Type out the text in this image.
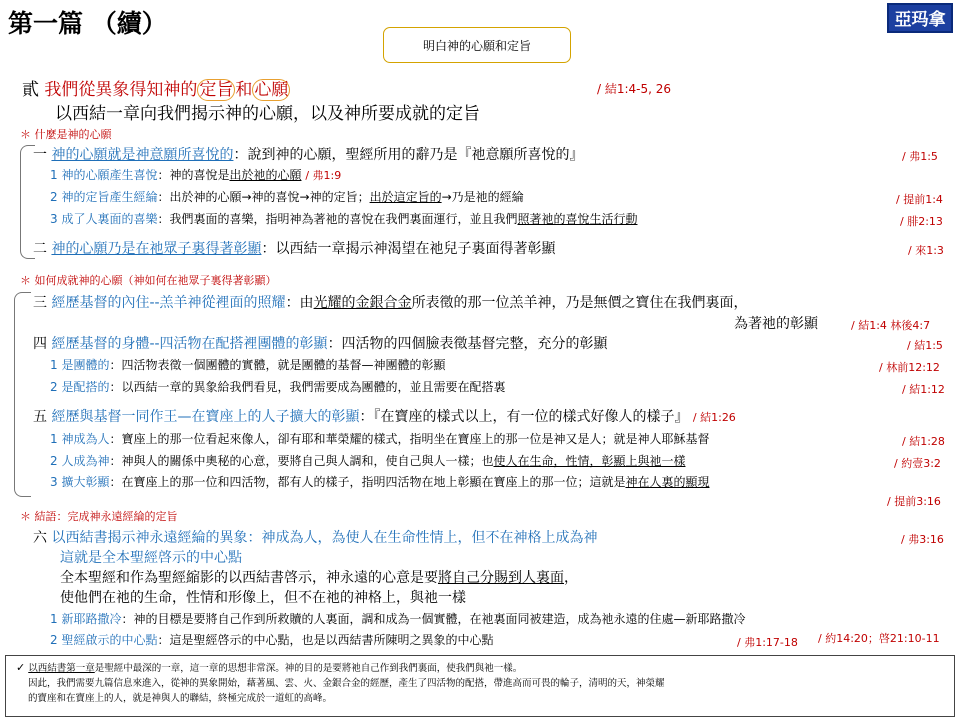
第一篇 （續）	亞玛拿
明白神的心願和定旨
貳 我們從異象得知神的 定旨 和 心願	/ 結1:4-5, 26
以西結一章向我們揭示神的心願，以及神所要成就的定旨
＊ 什麼是神的心願
一 神的心願就是神意願所喜悅的：說到神的心願，聖經所用的辭乃是『祂意願所喜悅的』	/ 弗1:5
1 神的心願產生喜悅：神的喜悅是出於祂的心願 / 弗1:9
2 神的定旨產生經綸：出於神的心願→神的喜悅→神的定旨；出於這定旨的→乃是祂的經綸	/ 提前1:4
3 成了人裏面的喜樂：我們裏面的喜樂，指明神為著祂的喜悅在我們裏面運行，並且我們照著祂的喜悅生活行動	/ 腓2:13
二 神的心願乃是在祂眾子裏得著彰顯：以西結一章揭示神渴望在祂兒子裏面得著彰顯	/ 來1:3
＊ 如何成就神的心願（神如何在祂眾子裏得著彰顯）
三 經歷基督的內住--羔羊神從裡面的照耀：由光耀的金銀合金所表徵的那一位羔羊神，乃是無價之寶住在我們裏面，
為著祂的彰顯	/ 結1:4 林後4:7
四 經歷基督的身體--四活物在配搭裡團體的彰顯：四活物的四個臉表徵基督完整，充分的彰顯	/ 結1:5
1 是團體的：四活物表徵一個團體的實體，就是團體的基督—神團體的彰顯	/ 林前12:12
2 是配搭的：以西結一章的異象給我們看見，我們需要成為團體的，並且需要在配搭裏	/ 結1:12
五 經歷與基督一同作王—在寶座上的人子擴大的彰顯：『在寶座的樣式以上，有一位的樣式好像人的樣子』 / 結1:26
1 神成為人：寶座上的那一位看起來像人，卻有耶和華榮耀的樣式，指明坐在寶座上的那一位是神又是人；就是神人耶穌基督	/ 結1:28
2 人成為神：神與人的關係中奧秘的心意，要將自己與人調和，使自己與人一樣；也使人在生命，性情，彰顯上與祂一樣	/ 約壹3:2
3 擴大彰顯：在寶座上的那一位和四活物，都有人的樣子，指明四活物在地上彰顯在寶座上的那一位；這就是神在人裏的顯現
/ 提前3:16
＊ 結語：完成神永遠經綸的定旨
六 以西結書揭示神永遠經綸的異象：神成為人，為使人在生命性情上，但不在神格上成為神	/ 弗3:16
這就是全本聖經啓示的中心點
全本聖經和作為聖經縮影的以西結書啓示，神永遠的心意是要將自己分賜到人裏面，
使他們在祂的生命，性情和形像上，但不在祂的神格上，與祂一樣
1 新耶路撒冷：神的目標是要將自己作到所救贖的人裏面，調和成為一個實體，在祂裏面同被建造，成為祂永遠的住處—新耶路撒冷
2 聖經啟示的中心點：這是聖經啓示的中心點，也是以西結書所陳明之異象的中心點	/ 弗1:17-18 / 約14:20；啓21:10-11
✓ 以西結書第一章是聖經中最深的一章，這一章的思想非常深。神的目的是要將祂自己作到我們裏面，使我們與祂一樣。
因此，我們需要九篇信息來進入，從神的異象開始，藉著風、雲、火、金銀合金的經歷，產生了四活物的配搭，帶進高而可畏的輪子，清明的天，神榮耀
的寶座和在寶座上的人，就是神與人的聯結，終極完成於一道虹的高峰。
